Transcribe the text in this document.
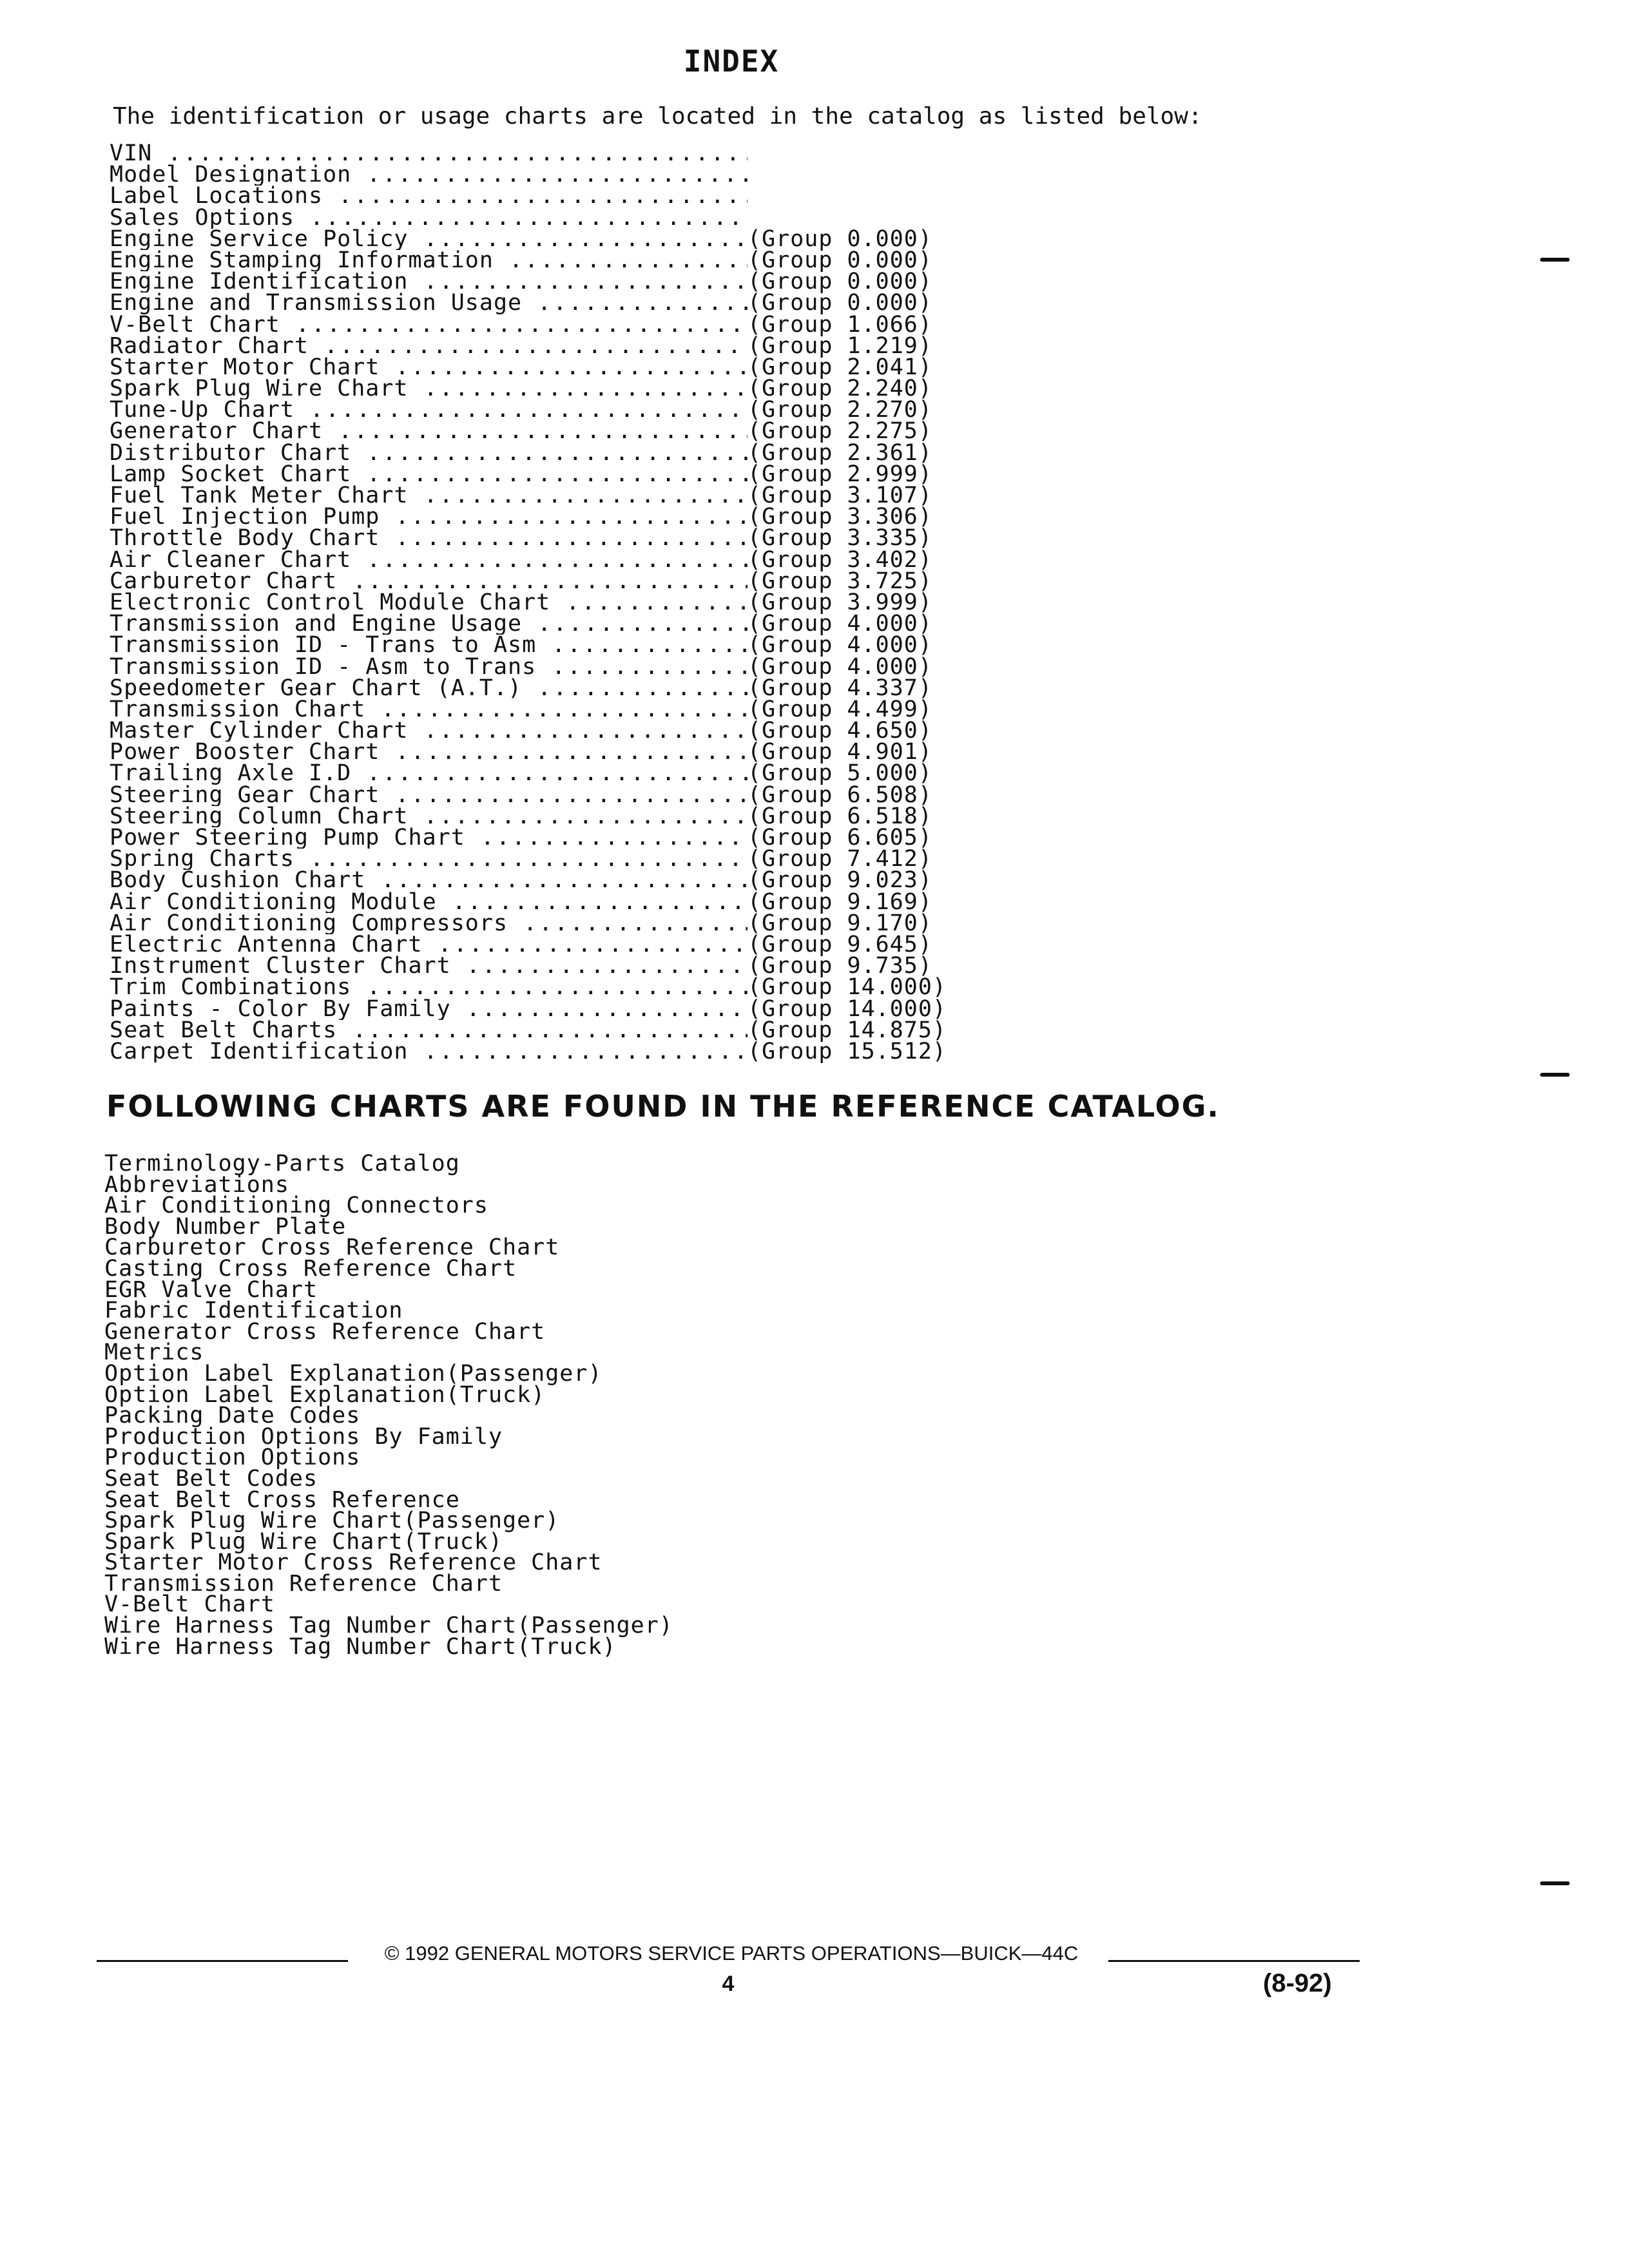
INDEX
The identification or usage charts are located in the catalog as listed below:
VIN .....
Model Designation .....
Label Locations .....
Sales Options .....
Engine Service Policy .....	(Group 0.000)
Engine Stamping Information .....	(Group 0.000)
Engine Identification .....	(Group 0.000)
Engine and Transmission Usage .....	(Group 0.000)
V-Belt Chart .....	(Group 1.066)
Radiator Chart .....	(Group 1.219)
Starter Motor Chart .....	(Group 2.041)
Spark Plug Wire Chart .....	(Group 2.240)
Tune-Up Chart .....	(Group 2.270)
Generator Chart .....	(Group 2.275)
Distributor Chart .....	(Group 2.361)
Lamp Socket Chart .....	(Group 2.999)
Fuel Tank Meter Chart .....	(Group 3.107)
Fuel Injection Pump .....	(Group 3.306)
Throttle Body Chart .....	(Group 3.335)
Air Cleaner Chart .....	(Group 3.402)
Carburetor Chart .....	(Group 3.725)
Electronic Control Module Chart .....	(Group 3.999)
Transmission and Engine Usage .....	(Group 4.000)
Transmission ID - Trans to Asm .....	(Group 4.000)
Transmission ID - Asm to Trans .....	(Group 4.000)
Speedometer Gear Chart (A.T.) .....	(Group 4.337)
Transmission Chart .....	(Group 4.499)
Master Cylinder Chart .....	(Group 4.650)
Power Booster Chart .....	(Group 4.901)
Trailing Axle I.D .....	(Group 5.000)
Steering Gear Chart .....	(Group 6.508)
Steering Column Chart .....	(Group 6.518)
Power Steering Pump Chart .....	(Group 6.605)
Spring Charts .....	(Group 7.412)
Body Cushion Chart .....	(Group 9.023)
Air Conditioning Module .....	(Group 9.169)
Air Conditioning Compressors .....	(Group 9.170)
Electric Antenna Chart .....	(Group 9.645)
Instrument Cluster Chart .....	(Group 9.735)
Trim Combinations .....	(Group 14.000)
Paints - Color By Family .....	(Group 14.000)
Seat Belt Charts .....	(Group 14.875)
Carpet Identification .....	(Group 15.512)
FOLLOWING CHARTS ARE FOUND IN THE REFERENCE CATALOG.
Terminology-Parts Catalog
Abbreviations
Air Conditioning Connectors
Body Number Plate
Carburetor Cross Reference Chart
Casting Cross Reference Chart
EGR Valve Chart
Fabric Identification
Generator Cross Reference Chart
Metrics
Option Label Explanation(Passenger)
Option Label Explanation(Truck)
Packing Date Codes
Production Options By Family
Production Options
Seat Belt Codes
Seat Belt Cross Reference
Spark Plug Wire Chart(Passenger)
Spark Plug Wire Chart(Truck)
Starter Motor Cross Reference Chart
Transmission Reference Chart
V-Belt Chart
Wire Harness Tag Number Chart(Passenger)
Wire Harness Tag Number Chart(Truck)
© 1992 GENERAL MOTORS SERVICE PARTS OPERATIONS—BUICK—44C
4	(8-92)
